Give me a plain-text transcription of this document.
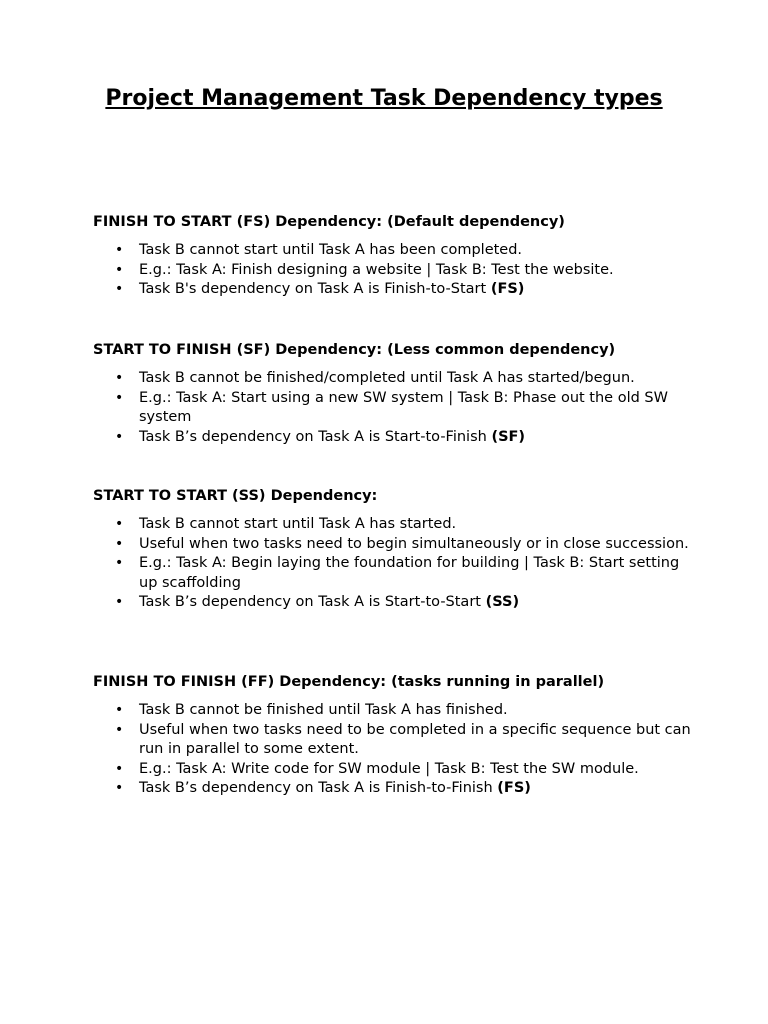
Project Management Task Dependency types

FINISH TO START (FS) Dependency: (Default dependency)

• Task B cannot start until Task A has been completed.
• E.g.: Task A: Finish designing a website | Task B: Test the website.
• Task B's dependency on Task A is Finish-to-Start (FS)

START TO FINISH (SF) Dependency: (Less common dependency)

• Task B cannot be finished/completed until Task A has started/begun.
• E.g.: Task A: Start using a new SW system | Task B: Phase out the old SW system
• Task B’s dependency on Task A is Start-to-Finish (SF)

START TO START (SS) Dependency:

• Task B cannot start until Task A has started.
• Useful when two tasks need to begin simultaneously or in close succession.
• E.g.: Task A: Begin laying the foundation for building | Task B: Start setting up scaffolding
• Task B’s dependency on Task A is Start-to-Start (SS)

FINISH TO FINISH (FF) Dependency: (tasks running in parallel)

• Task B cannot be finished until Task A has finished.
• Useful when two tasks need to be completed in a specific sequence but can run in parallel to some extent.
• E.g.: Task A: Write code for SW module | Task B: Test the SW module.
• Task B’s dependency on Task A is Finish-to-Finish (FS)
